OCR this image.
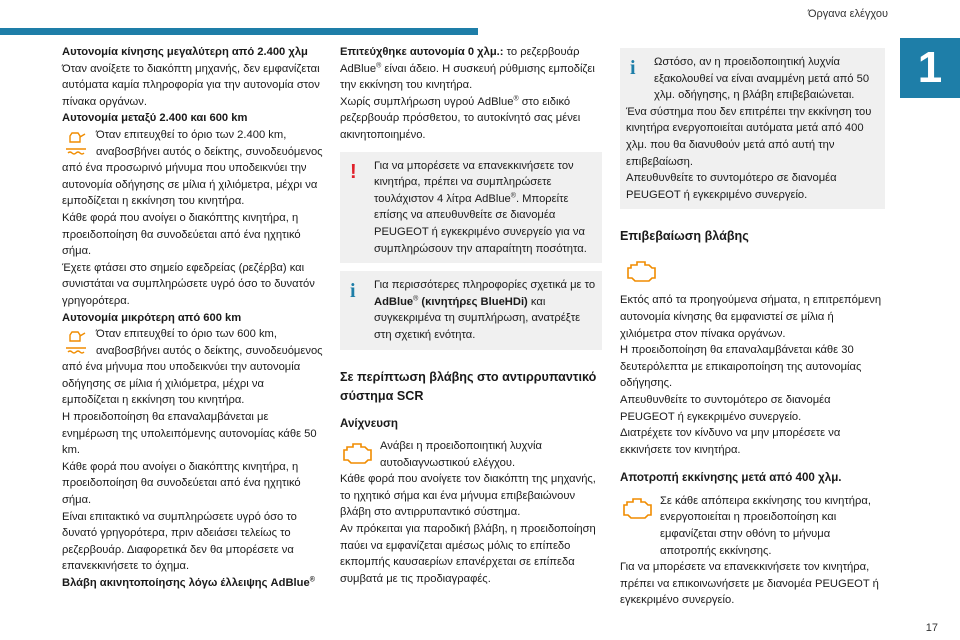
Όργανα ελέγχου
1

Αυτονομία κίνησης μεγαλύτερη από 2.400 χλμ

Όταν ανοίξετε το διακόπτη μηχανής, δεν εμφανίζεται αυτόματα καμία πληροφορία για την αυτονομία στον πίνακα οργάνων.

Αυτονομία μεταξύ 2.400 και 600 km

Όταν επιτευχθεί το όριο των 2.400 km, αναβοσβήνει αυτός ο δείκτης, συνοδευόμενος

από ένα προσωρινό μήνυμα που υποδεικνύει την αυτονομία οδήγησης σε μίλια ή χιλιόμετρα, μέχρι να εμποδίζεται η εκκίνηση του κινητήρα.

Κάθε φορά που ανοίγει ο διακόπτης κινητήρα, η προειδοποίηση θα συνοδεύεται από ένα ηχητικό σήμα.

Έχετε φτάσει στο σημείο εφεδρείας (ρεζέρβα) και συνιστάται να συμπληρώσετε υγρό όσο το δυνατόν γρηγορότερα.

Αυτονομία μικρότερη από 600 km

Όταν επιτευχθεί το όριο των 600 km, αναβοσβήνει αυτός ο δείκτης, συνοδευόμενος

από ένα μήνυμα που υποδεικνύει την αυτονομία οδήγησης σε μίλια ή χιλιόμετρα, μέχρι να εμποδίζεται η εκκίνηση του κινητήρα.

Η προειδοποίηση θα επαναλαμβάνεται με ενημέρωση της υπολειπόμενης αυτονομίας κάθε 50 km.

Κάθε φορά που ανοίγει ο διακόπτης κινητήρα, η προειδοποίηση θα συνοδεύεται από ένα ηχητικό σήμα.

Είναι επιτακτικό να συμπληρώσετε υγρό όσο το δυνατό γρηγορότερα, πριν αδειάσει τελείως το ρεζερβουάρ. Διαφορετικά δεν θα μπορέσετε να επανεκκινήσετε το όχημα.

Βλάβη ακινητοποίησης λόγω έλλειψης AdBlue®

Επιτεύχθηκε αυτονομία 0 χλμ.: το ρεζερβουάρ AdBlue® είναι άδειο. Η συσκευή ρύθμισης εμποδίζει την εκκίνηση του κινητήρα.

Χωρίς συμπλήρωση υγρού AdBlue® στο ειδικό ρεζερβουάρ πρόσθετου, το αυτοκίνητό σας μένει ακινητοποιημένο.

!	Για να μπορέσετε να επανεκκινήσετε τον κινητήρα, πρέπει να συμπληρώσετε τουλάχιστον 4 λίτρα AdBlue®. Μπορείτε επίσης να απευθυνθείτε σε διανομέα PEUGEOT ή εγκεκριμένο συνεργείο για να συμπληρώσουν την απαραίτητη ποσότητα.

i	Για περισσότερες πληροφορίες σχετικά με το AdBlue® (κινητήρες BlueHDi) και συγκεκριμένα τη συμπλήρωση, ανατρέξτε στη σχετική ενότητα.

Σε περίπτωση βλάβης στο αντιρρυπαντικό σύστημα SCR
Ανίχνευση

Ανάβει η προειδοποιητική λυχνία αυτοδιαγνωστικού ελέγχου.

Κάθε φορά που ανοίγετε τον διακόπτη της μηχανής, το ηχητικό σήμα και ένα μήνυμα επιβεβαιώνουν βλάβη στο αντιρρυπαντικό σύστημα.

Αν πρόκειται για παροδική βλάβη, η προειδοποίηση παύει να εμφανίζεται αμέσως μόλις το επίπεδο εκπομπής καυσαερίων επανέρχεται σε επίπεδα συμβατά με τις προδιαγραφές.

i	Ωστόσο, αν η προειδοποιητική λυχνία εξακολουθεί να είναι αναμμένη μετά από 50 χλμ. οδήγησης, η βλάβη επιβεβαιώνεται.

Ένα σύστημα που δεν επιτρέπει την εκκίνηση του κινητήρα ενεργοποιείται αυτόματα μετά από 400 χλμ. που θα διανυθούν μετά από αυτή την επιβεβαίωση.

Απευθυνθείτε το συντομότερο σε διανομέα PEUGEOT ή εγκεκριμένο συνεργείο.

Επιβεβαίωση βλάβης

Εκτός από τα προηγούμενα σήματα, η επιτρεπόμενη αυτονομία κίνησης θα εμφανιστεί σε μίλια ή χιλιόμετρα στον πίνακα οργάνων.

Η προειδοποίηση θα επαναλαμβάνεται κάθε 30 δευτερόλεπτα με επικαιροποίηση της αυτονομίας οδήγησης.

Απευθυνθείτε το συντομότερο σε διανομέα PEUGEOT ή εγκεκριμένο συνεργείο.

Διατρέχετε τον κίνδυνο να μην μπορέσετε να εκκινήσετε τον κινητήρα.

Αποτροπή εκκίνησης μετά από 400 χλμ.

Σε κάθε απόπειρα εκκίνησης του κινητήρα, ενεργοποιείται η προειδοποίηση και εμφανίζεται στην οθόνη το μήνυμα αποτροπής εκκίνησης.

Για να μπορέσετε να επανεκκινήσετε τον κινητήρα, πρέπει να επικοινωνήσετε με διανομέα PEUGEOT ή εγκεκριμένο συνεργείο.

17
